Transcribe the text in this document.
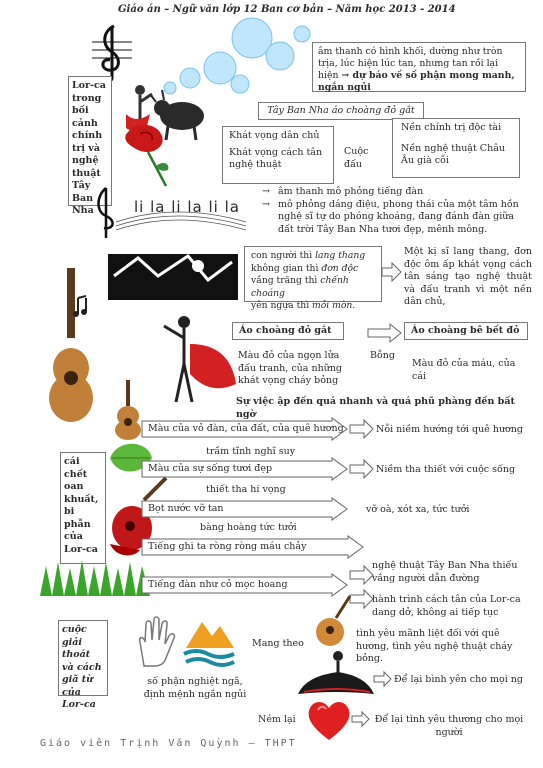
Giáo án – Ngữ văn lớp 12 Ban cơ bản – Năm học 2013 - 2014
âm thanh có hình khối, dường như tròn trịa, lúc hiện lúc tan, nhưng tan rồi lại hiện → dự báo về số phận mong manh, ngắn ngủi
Lor-ca trong bối cảnh chính trị và nghệ thuật Tây Ban Nha
Tây Ban Nha áo choàng đỏ gắt
Khát vọng dân chủ
Khát vọng cách tân nghệ thuật
Cuộc đấu
Nền chính trị độc tài
Nền nghệ thuật Châu Âu già cỗi
li la li la li la
→ âm thanh mô phỏng tiếng đàn
→ mô phỏng dáng điệu, phong thái của một tâm hồn nghệ sĩ tự do phóng khoáng, đang đánh đàn giữa đất trời Tây Ban Nha tươi đẹp, mênh mông.
con người thì lang thang
không gian thì đơn độc
vầng trăng thì chếnh choáng
yên ngựa thì mỏi mòn.
Một kị sĩ lang thang, đơn độc ôm ấp khát vọng cách tân sáng tạo nghệ thuật và đấu tranh vì một nền dân chủ,
Áo choàng đỏ gắt	Áo choàng bê bết đỏ
Màu đỏ của ngọn lửa đấu tranh, của những khát vọng cháy bỏng
Bỗng
Màu đỏ của máu, của cái
Sự việc ập đến quá nhanh và quá phũ phàng đến bất ngờ
Màu của vỏ đàn, của đất, của quê hương	Nỗi niềm hướng tới quê hương
trầm tĩnh nghĩ suy
cái chết oan khuất, bi phẫn của Lor-ca
Màu của sự sống tươi đẹp	Niềm tha thiết với cuộc sống
thiết tha hi vọng
Bọt nước vỡ tan	vỡ oà, xót xa, tức tưởi
bàng hoàng tức tưởi
Tiếng ghi ta ròng ròng máu chảy
Tiếng đàn như cỏ mọc hoang
nghệ thuật Tây Ban Nha thiếu vắng người dẫn đường
hành trình cách tân của Lor-ca dang dở, không ai tiếp tục
cuộc giải thoát và cách giã từ của Lor-ca
Mang theo
tình yêu mãnh liệt đối với quê hương, tình yêu nghệ thuật cháy bỏng.
Để lại bình yên cho mọi ng
số phận nghiệt ngã, định mệnh ngắn ngủi
Ném lại	Để lại tình yêu thương cho mọi người
Giáo viên Trịnh Văn Quỳnh – THPT
